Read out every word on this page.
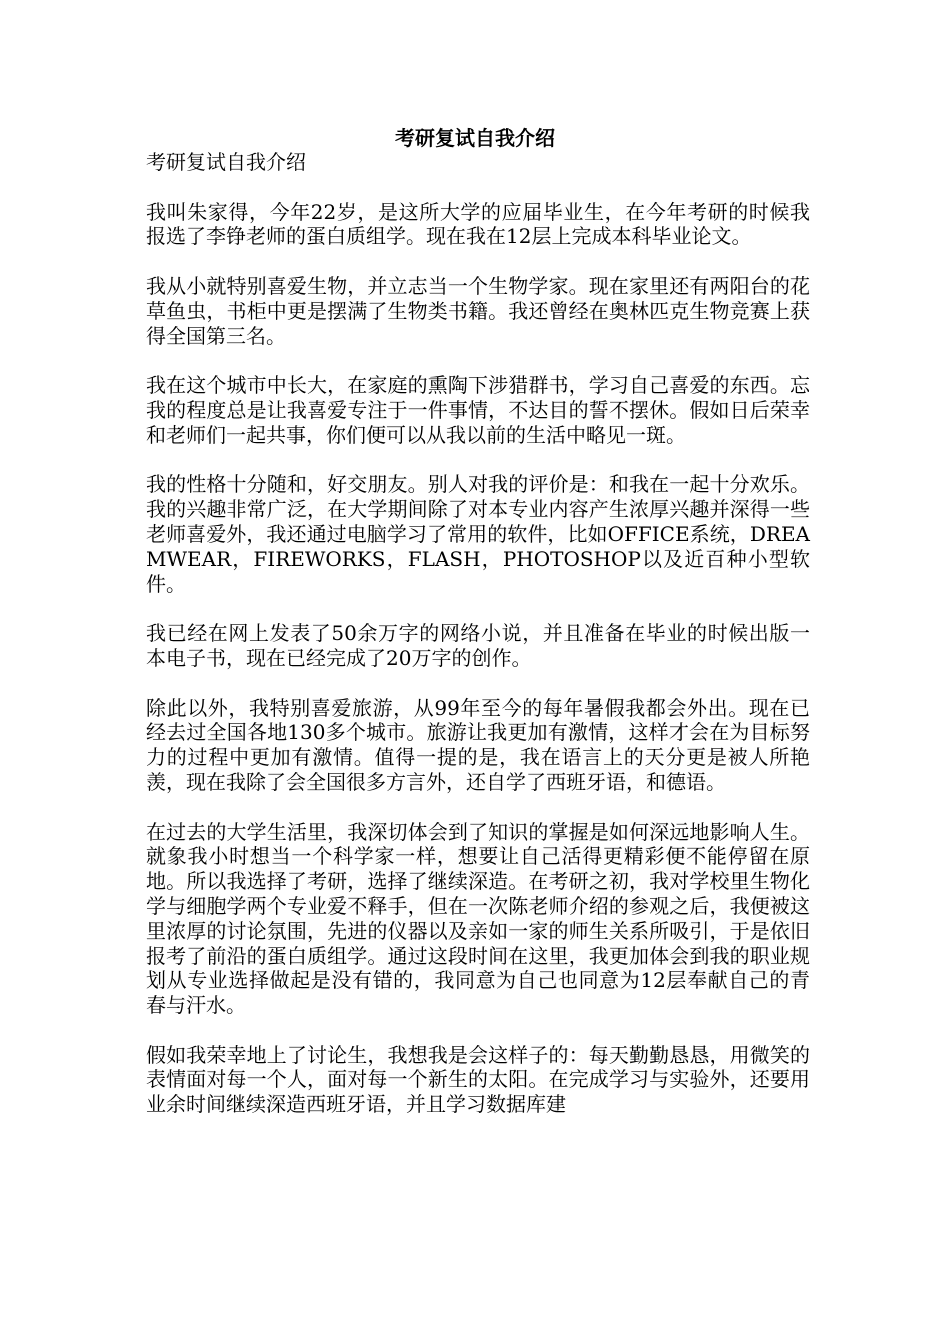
考研复试自我介绍

考研复试自我介绍

我叫朱家得，今年22岁，是这所大学的应届毕业生，在今年考研的时候我报选了李铮老师的蛋白质组学。现在我在12层上完成本科毕业论文。

我从小就特别喜爱生物，并立志当一个生物学家。现在家里还有两阳台的花草鱼虫，书柜中更是摆满了生物类书籍。我还曾经在奥林匹克生物竞赛上获得全国第三名。

我在这个城市中长大，在家庭的熏陶下涉猎群书，学习自己喜爱的东西。忘我的程度总是让我喜爱专注于一件事情，不达目的誓不摆休。假如日后荣幸和老师们一起共事，你们便可以从我以前的生活中略见一斑。

我的性格十分随和，好交朋友。别人对我的评价是：和我在一起十分欢乐。我的兴趣非常广泛，在大学期间除了对本专业内容产生浓厚兴趣并深得一些老师喜爱外，我还通过电脑学习了常用的软件，比如OFFICE系统，DREAMWEAR，FIREWORKS，FLASH，PHOTOSHOP以及近百种小型软件。

我已经在网上发表了50余万字的网络小说，并且准备在毕业的时候出版一本电子书，现在已经完成了20万字的创作。

除此以外，我特别喜爱旅游，从99年至今的每年暑假我都会外出。现在已经去过全国各地130多个城市。旅游让我更加有激情，这样才会在为目标努力的过程中更加有激情。值得一提的是，我在语言上的天分更是被人所艳羡，现在我除了会全国很多方言外，还自学了西班牙语，和德语。

在过去的大学生活里，我深切体会到了知识的掌握是如何深远地影响人生。就象我小时想当一个科学家一样，想要让自己活得更精彩便不能停留在原地。所以我选择了考研，选择了继续深造。在考研之初，我对学校里生物化学与细胞学两个专业爱不释手，但在一次陈老师介绍的参观之后，我便被这里浓厚的讨论氛围，先进的仪器以及亲如一家的师生关系所吸引，于是依旧报考了前沿的蛋白质组学。通过这段时间在这里，我更加体会到我的职业规划从专业选择做起是没有错的，我同意为自己也同意为12层奉献自己的青春与汗水。

假如我荣幸地上了讨论生，我想我是会这样子的：每天勤勤恳恳，用微笑的表情面对每一个人，面对每一个新生的太阳。在完成学习与实验外，还要用业余时间继续深造西班牙语，并且学习数据库建
